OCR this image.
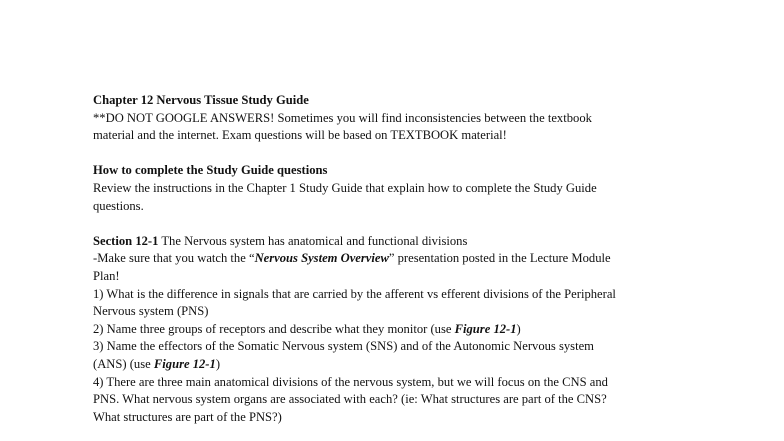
Chapter 12 Nervous Tissue Study Guide
**DO NOT GOOGLE ANSWERS! Sometimes you will find inconsistencies between the textbook
material and the internet. Exam questions will be based on TEXTBOOK material!
How to complete the Study Guide questions
Review the instructions in the Chapter 1 Study Guide that explain how to complete the Study Guide
questions.
Section 12-1 The Nervous system has anatomical and functional divisions
-Make sure that you watch the “Nervous System Overview” presentation posted in the Lecture Module
Plan!
1) What is the difference in signals that are carried by the afferent vs efferent divisions of the Peripheral
Nervous system (PNS)
2) Name three groups of receptors and describe what they monitor (use Figure 12-1)
3) Name the effectors of the Somatic Nervous system (SNS) and of the Autonomic Nervous system
(ANS) (use Figure 12-1)
4) There are three main anatomical divisions of the nervous system, but we will focus on the CNS and
PNS. What nervous system organs are associated with each? (ie: What structures are part of the CNS?
What structures are part of the PNS?)
